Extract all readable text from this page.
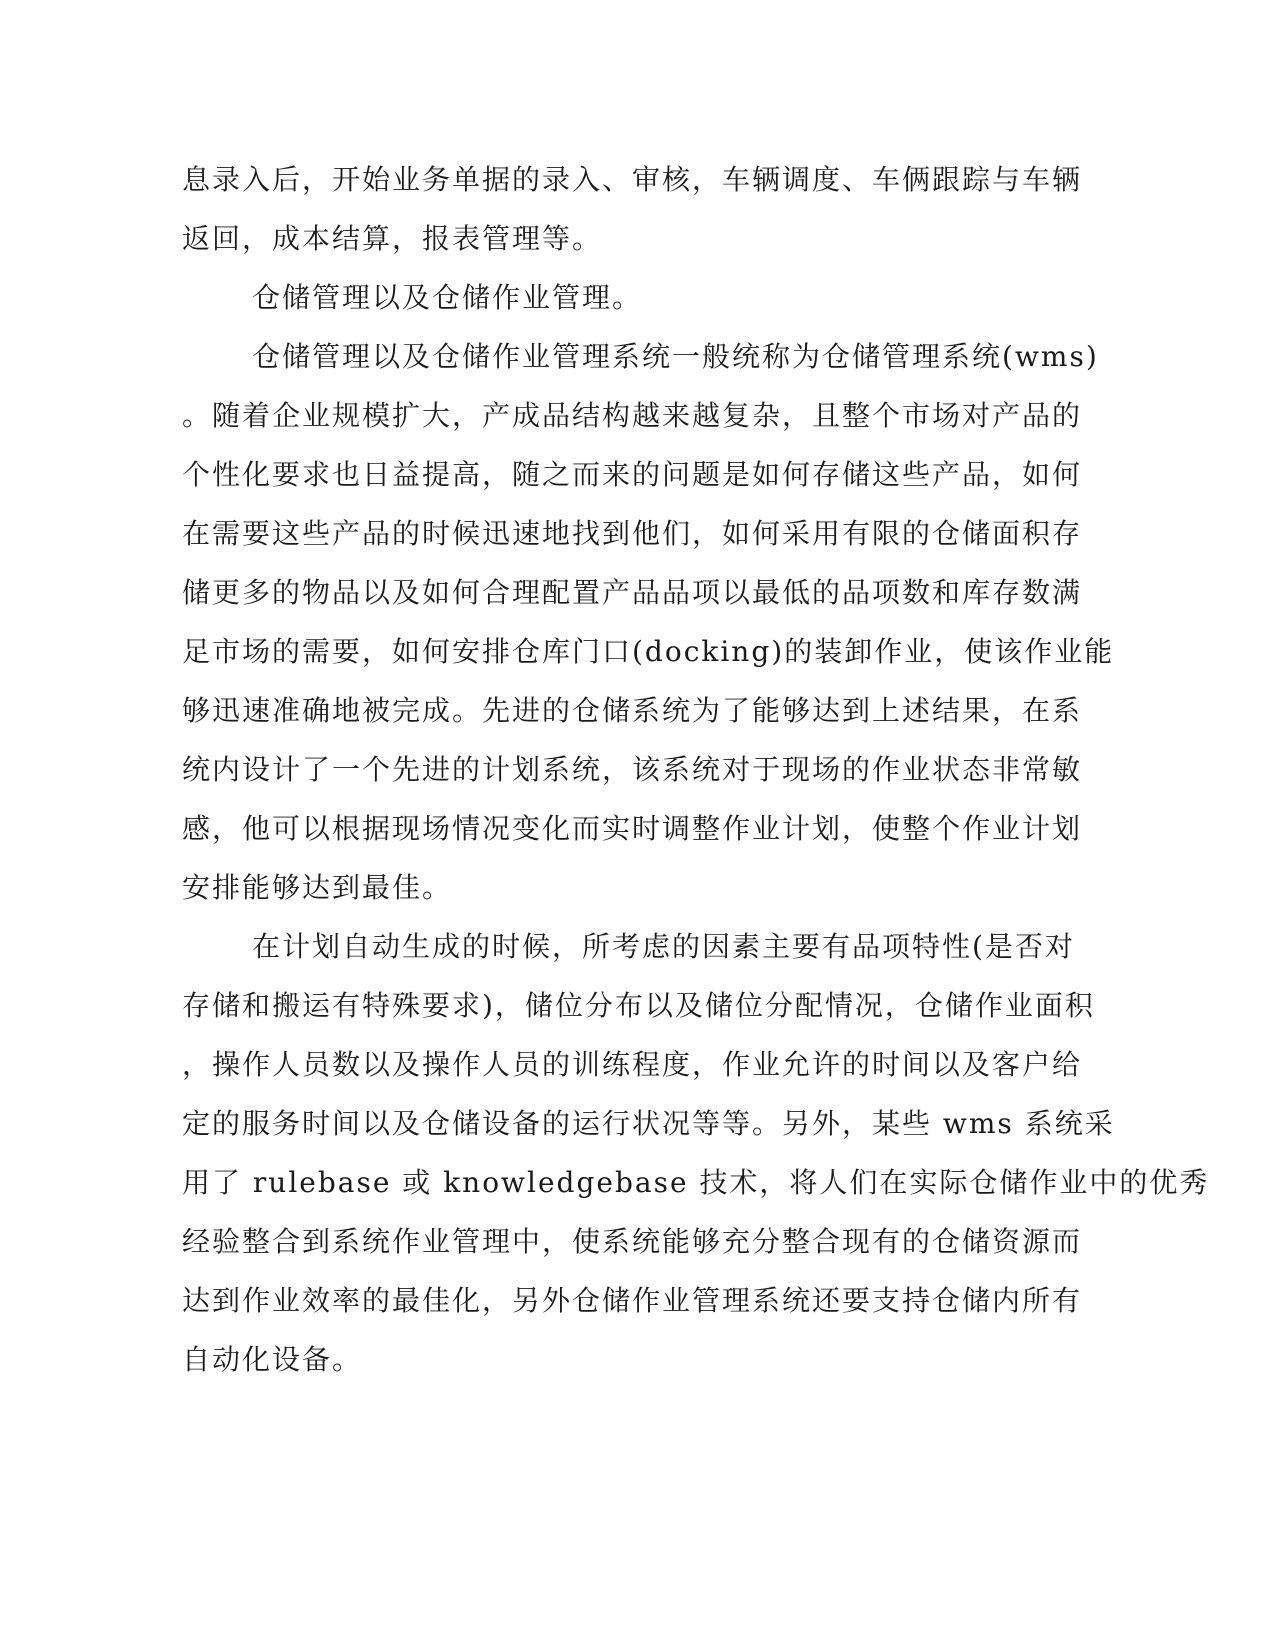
息录入后，开始业务单据的录入、审核，车辆调度、车俩跟踪与车辆
返回，成本结算，报表管理等。
仓储管理以及仓储作业管理。
仓储管理以及仓储作业管理系统一般统称为仓储管理系统(wms)
。随着企业规模扩大，产成品结构越来越复杂，且整个市场对产品的
个性化要求也日益提高，随之而来的问题是如何存储这些产品，如何
在需要这些产品的时候迅速地找到他们，如何采用有限的仓储面积存
储更多的物品以及如何合理配置产品品项以最低的品项数和库存数满
足市场的需要，如何安排仓库门口(docking)的装卸作业，使该作业能
够迅速准确地被完成。先进的仓储系统为了能够达到上述结果，在系
统内设计了一个先进的计划系统，该系统对于现场的作业状态非常敏
感，他可以根据现场情况变化而实时调整作业计划，使整个作业计划
安排能够达到最佳。
在计划自动生成的时候，所考虑的因素主要有品项特性(是否对
存储和搬运有特殊要求)，储位分布以及储位分配情况，仓储作业面积
，操作人员数以及操作人员的训练程度，作业允许的时间以及客户给
定的服务时间以及仓储设备的运行状况等等。另外，某些 wms 系统采
用了 rulebase 或 knowledgebase 技术，将人们在实际仓储作业中的优秀
经验整合到系统作业管理中，使系统能够充分整合现有的仓储资源而
达到作业效率的最佳化，另外仓储作业管理系统还要支持仓储内所有
自动化设备。
